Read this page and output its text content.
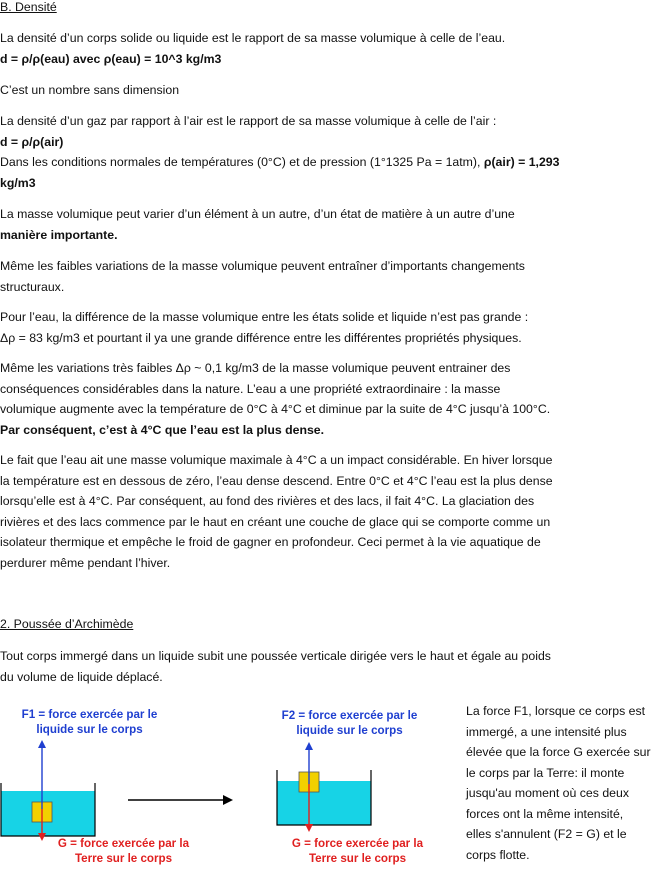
B. Densité
La densité d’un corps solide ou liquide est le rapport de sa masse volumique à celle de l’eau.
d = ρ/ρ(eau) avec ρ(eau) = 10^3 kg/m3
C’est un nombre sans dimension
La densité d’un gaz par rapport à l’air est le rapport de sa masse volumique à celle de l’air :
d = ρ/ρ(air)
Dans les conditions normales de températures (0°C) et de pression (1°1325 Pa = 1atm), ρ(air) = 1,293
kg/m3
La masse volumique peut varier d’un élément à un autre, d’un état de matière à un autre d’une
manière importante.
Même les faibles variations de la masse volumique peuvent entraîner d’importants changements
structuraux.
Pour l’eau, la différence de la masse volumique entre les états solide et liquide n’est pas grande :
Δρ = 83 kg/m3 et pourtant il ya une grande différence entre les différentes propriétés physiques.
Même les variations très faibles Δρ ~ 0,1 kg/m3 de la masse volumique peuvent entrainer des
conséquences considérables dans la nature. L’eau a une propriété extraordinaire : la masse
volumique augmente avec la température de 0°C à 4°C et diminue par la suite de 4°C jusqu’à 100°C.
Par conséquent, c’est à 4°C que l’eau est la plus dense.
Le fait que l’eau ait une masse volumique maximale à 4°C a un impact considérable. En hiver lorsque
la température est en dessous de zéro, l’eau dense descend. Entre 0°C et 4°C l’eau est la plus dense
lorsqu’elle est à 4°C. Par conséquent, au fond des rivières et des lacs, il fait 4°C. La glaciation des
rivières et des lacs commence par le haut en créant une couche de glace qui se comporte comme un
isolateur thermique et empêche le froid de gagner en profondeur. Ceci permet à la vie aquatique de
perdurer même pendant l’hiver.
2. Poussée d’Archimède
Tout corps immergé dans un liquide subit une poussée verticale dirigée vers le haut et égale au poids
du volume de liquide déplacé.
F1 = force exercée par le
liquide sur le corps
F2 = force exercée par le
liquide sur le corps
G = force exercée par la
Terre sur le corps
G = force exercée par la
Terre sur le corps
La force F1, lorsque ce corps est
immergé, a une intensité plus
élevée que la force G exercée sur
le corps par la Terre: il monte
jusqu'au moment où ces deux
forces ont la même intensité,
elles s'annulent (F2 = G) et le
corps flotte.
